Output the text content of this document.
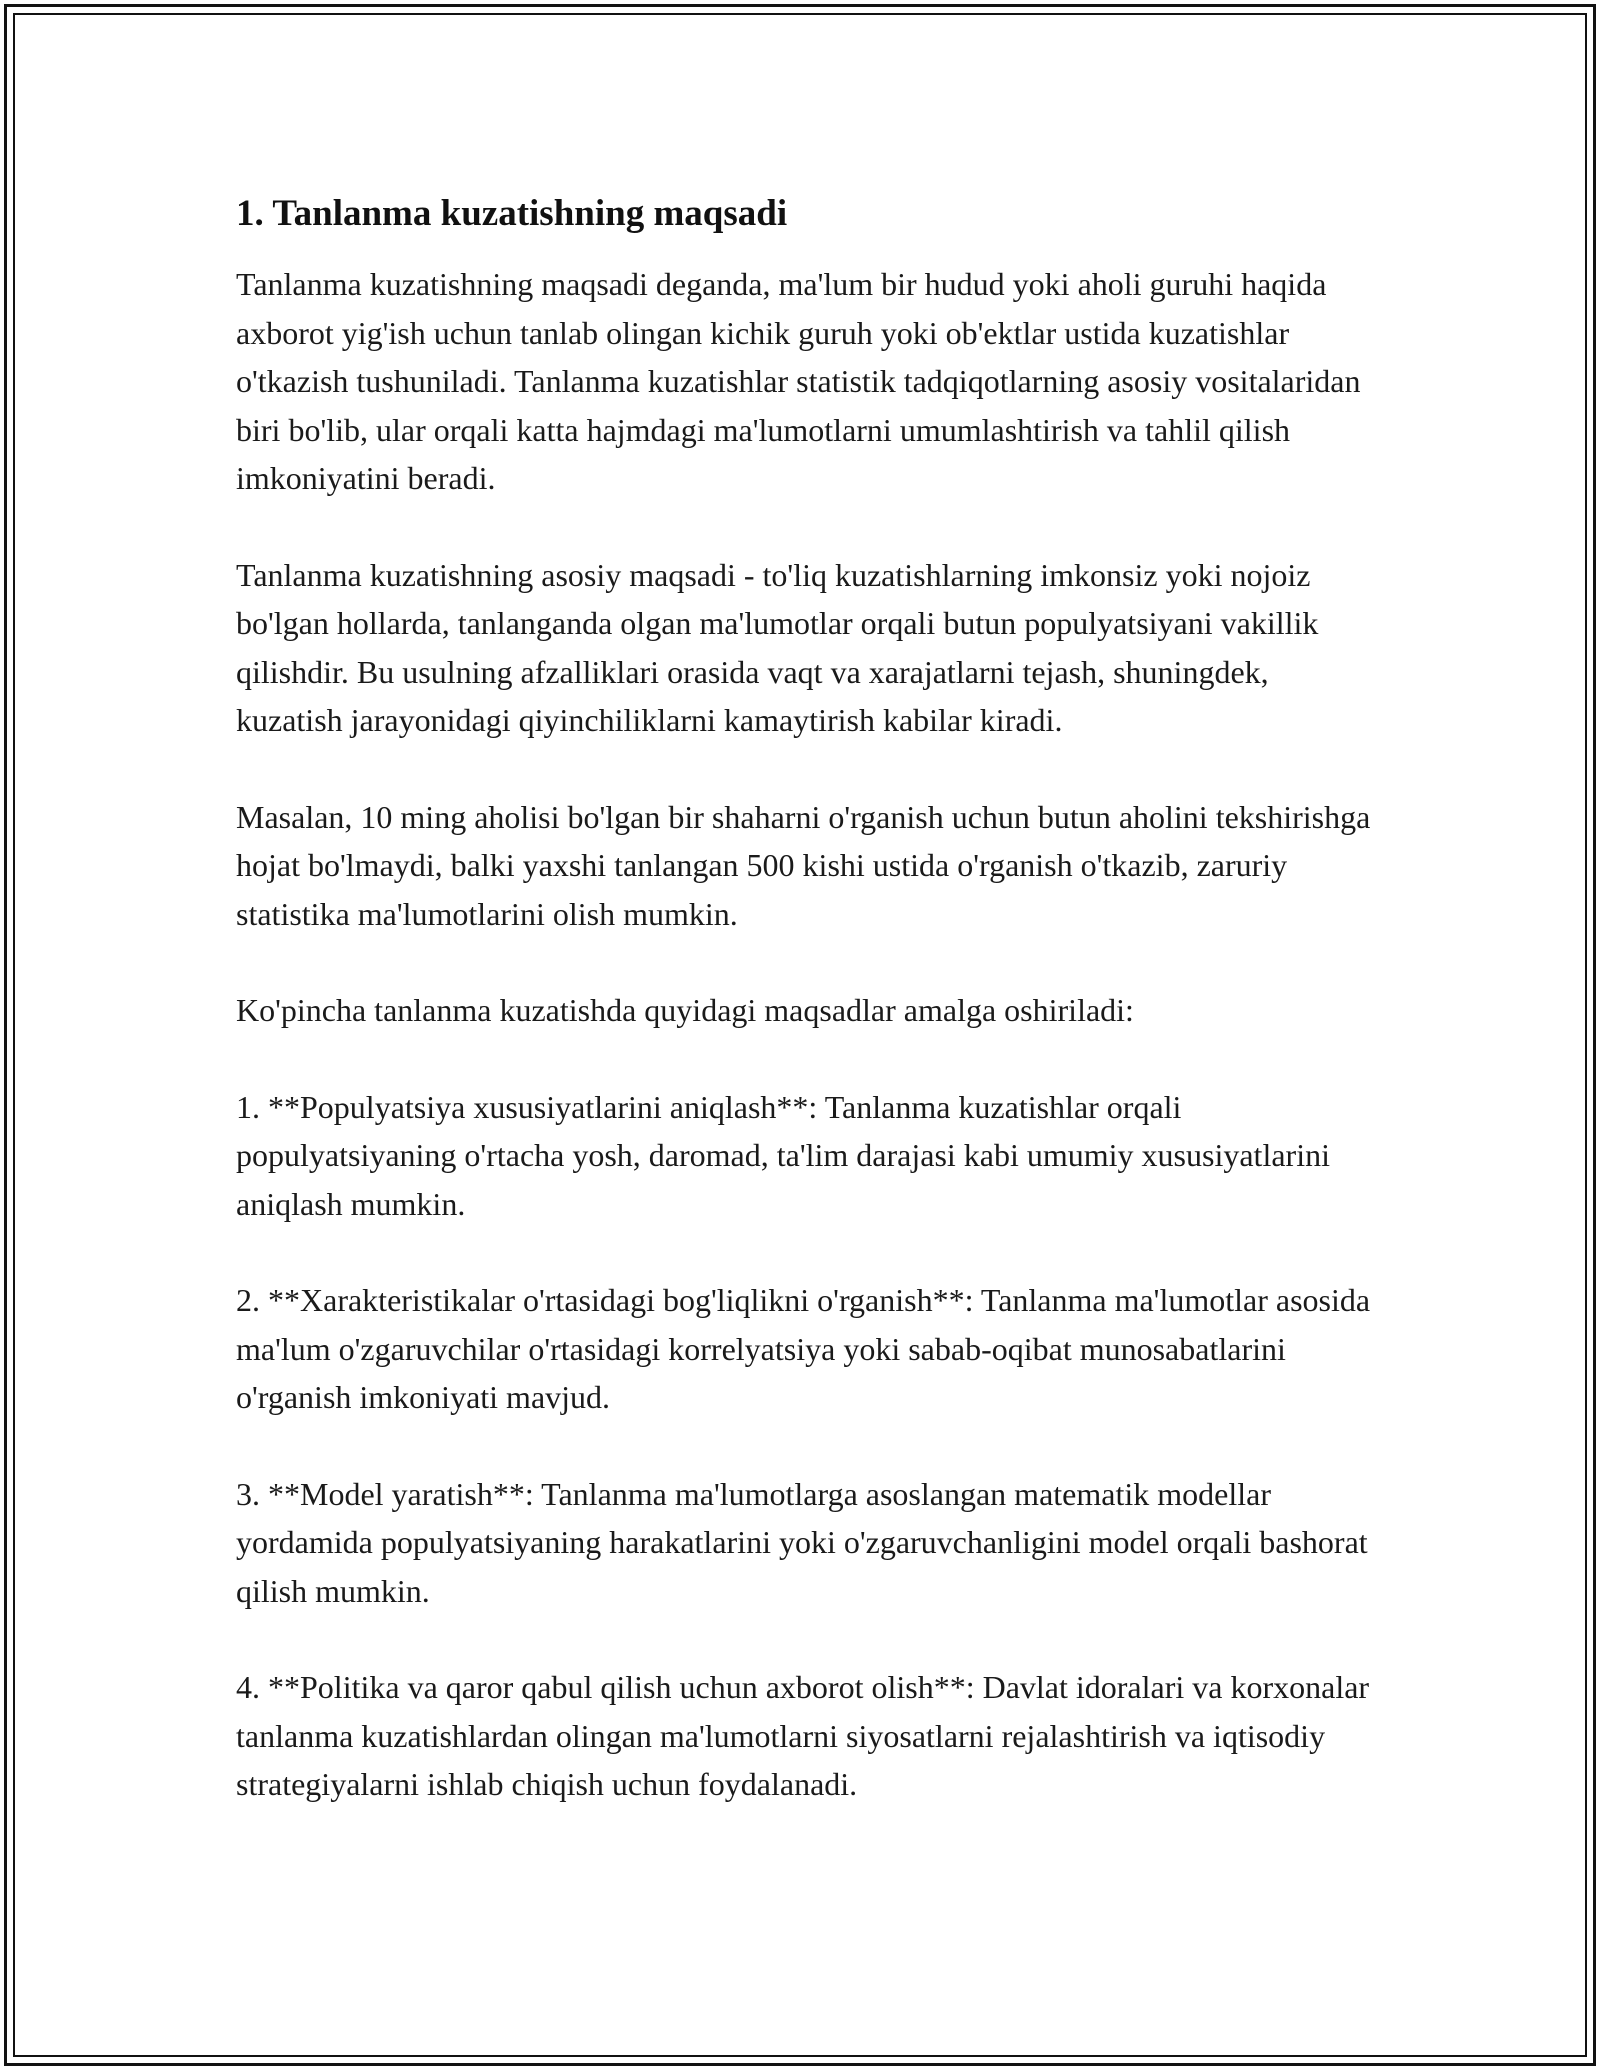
1. Tanlanma kuzatishning maqsadi

Tanlanma kuzatishning maqsadi deganda, ma'lum bir hudud yoki aholi guruhi haqida axborot yig'ish uchun tanlab olingan kichik guruh yoki ob'ektlar ustida kuzatishlar o'tkazish tushuniladi. Tanlanma kuzatishlar statistik tadqiqotlarning asosiy vositalaridan biri bo'lib, ular orqali katta hajmdagi ma'lumotlarni umumlashtirish va tahlil qilish imkoniyatini beradi.

Tanlanma kuzatishning asosiy maqsadi - to'liq kuzatishlarning imkonsiz yoki nojoiz bo'lgan hollarda, tanlanganda olgan ma'lumotlar orqali butun populyatsiyani vakillik qilishdir. Bu usulning afzalliklari orasida vaqt va xarajatlarni tejash, shuningdek, kuzatish jarayonidagi qiyinchiliklarni kamaytirish kabilar kiradi.

Masalan, 10 ming aholisi bo'lgan bir shaharni o'rganish uchun butun aholini tekshirishga hojat bo'lmaydi, balki yaxshi tanlangan 500 kishi ustida o'rganish o'tkazib, zaruriy statistika ma'lumotlarini olish mumkin.

Ko'pincha tanlanma kuzatishda quyidagi maqsadlar amalga oshiriladi:

1. **Populyatsiya xususiyatlarini aniqlash**: Tanlanma kuzatishlar orqali populyatsiyaning o'rtacha yosh, daromad, ta'lim darajasi kabi umumiy xususiyatlarini aniqlash mumkin.

2. **Xarakteristikalar o'rtasidagi bog'liqlikni o'rganish**: Tanlanma ma'lumotlar asosida ma'lum o'zgaruvchilar o'rtasidagi korrelyatsiya yoki sabab-oqibat munosabatlarini o'rganish imkoniyati mavjud.

3. **Model yaratish**: Tanlanma ma'lumotlarga asoslangan matematik modellar yordamida populyatsiyaning harakatlarini yoki o'zgaruvchanligini model orqali bashorat qilish mumkin.

4. **Politika va qaror qabul qilish uchun axborot olish**: Davlat idoralari va korxonalar tanlanma kuzatishlardan olingan ma'lumotlarni siyosatlarni rejalashtirish va iqtisodiy strategiyalarni ishlab chiqish uchun foydalanadi.
